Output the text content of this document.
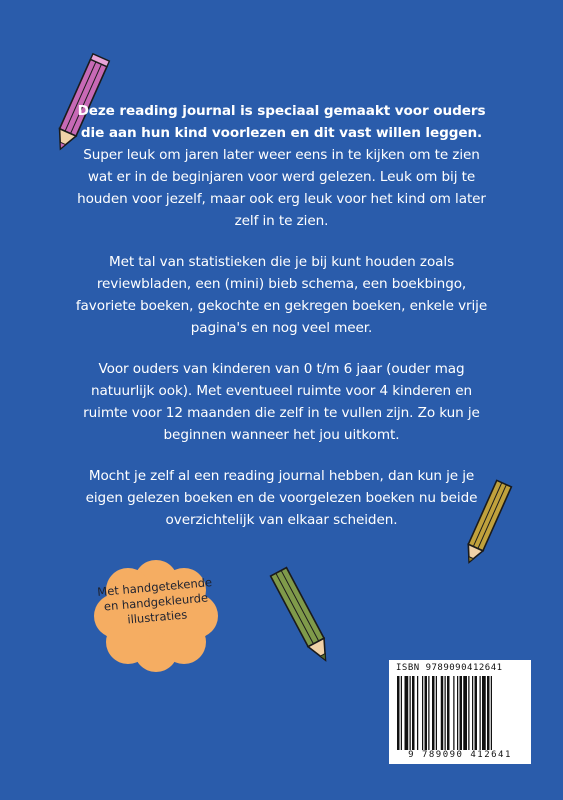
Deze reading journal is speciaal gemaakt voor ouders die aan hun kind voorlezen en dit vast willen leggen.
Super leuk om jaren later weer eens in te kijken om te zien wat er in de beginjaren voor werd gelezen. Leuk om bij te houden voor jezelf, maar ook erg leuk voor het kind om later zelf in te zien.

Met tal van statistieken die je bij kunt houden zoals reviewbladen, een (mini) bieb schema, een boekbingo, favoriete boeken, gekochte en gekregen boeken, enkele vrije pagina's en nog veel meer.

Voor ouders van kinderen van 0 t/m 6 jaar (ouder mag natuurlijk ook). Met eventueel ruimte voor 4 kinderen en ruimte voor 12 maanden die zelf in te vullen zijn. Zo kun je beginnen wanneer het jou uitkomt.

Mocht je zelf al een reading journal hebben, dan kun je je eigen gelezen boeken en de voorgelezen boeken nu beide overzichtelijk van elkaar scheiden.

Met handgetekende en handgekleurde illustraties
ISBN 9789090412641
9 789090 412641
